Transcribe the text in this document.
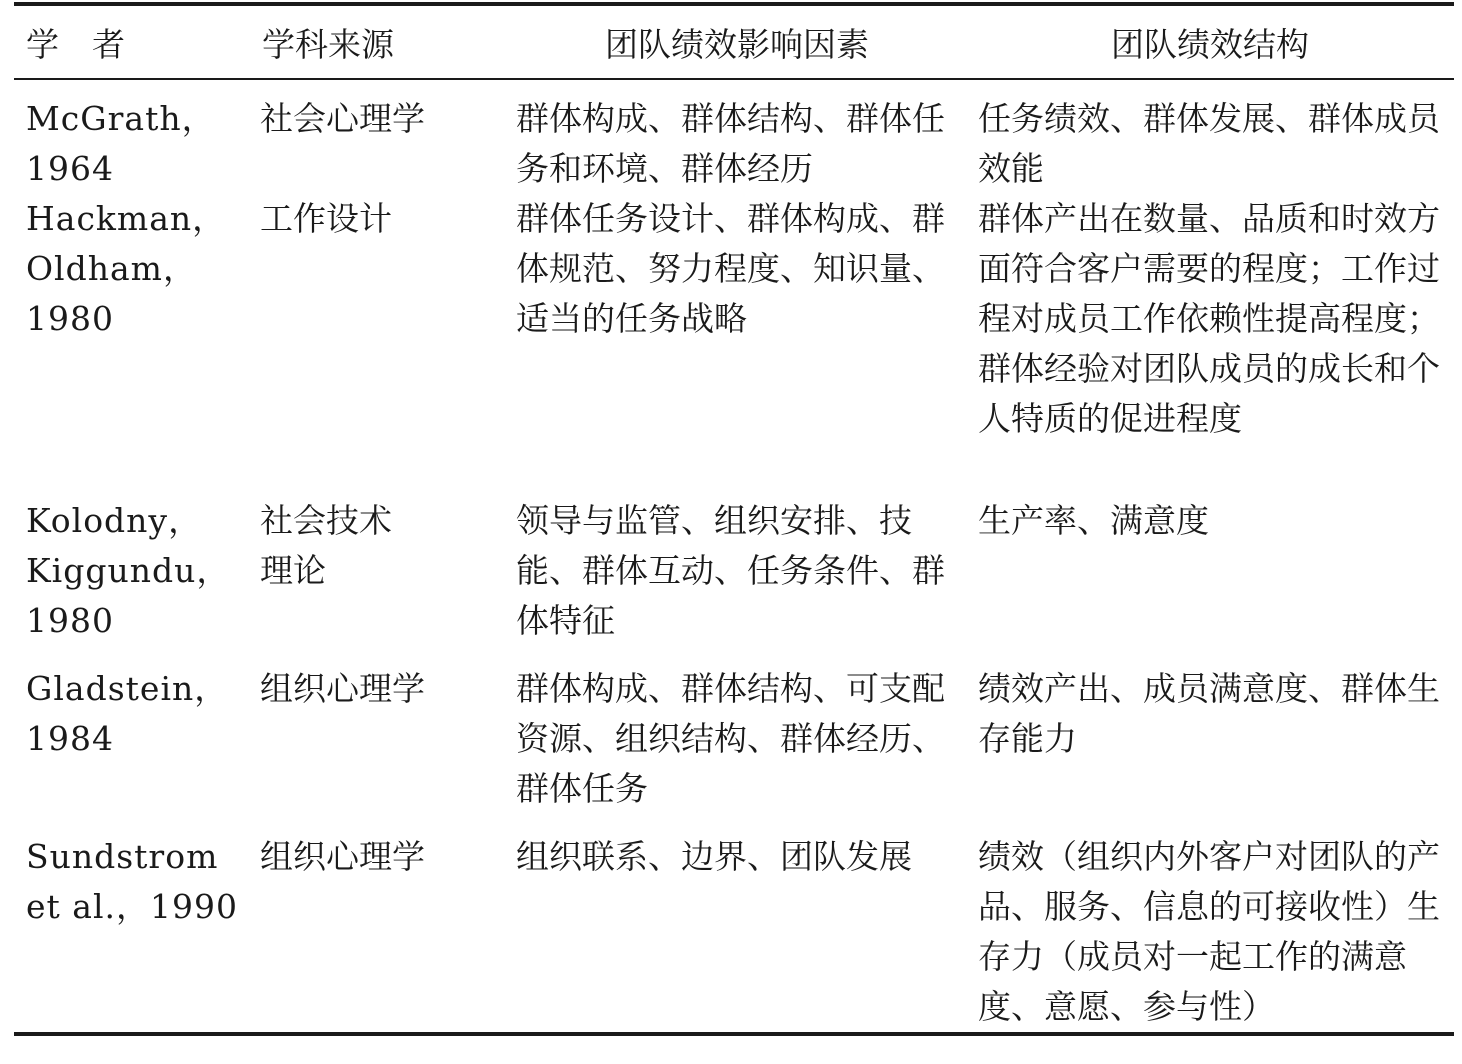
学　者	学科来源	团队绩效影响因素	团队绩效结构
McGrath，
1964	社会心理学	群体构成、群体结构、群体任务和环境、群体经历	任务绩效、群体发展、群体成员效能

Hackman，
Oldham，
1980	工作设计	群体任务设计、群体构成、群体规范、努力程度、知识量、适当的任务战略	群体产出在数量、品质和时效方面符合客户需要的程度；工作过程对成员工作依赖性提高程度；群体经验对团队成员的成长和个人特质的促进程度

Kolodny，
Kiggundu，
1980	社会技术理论	领导与监管、组织安排、技能、群体互动、任务条件、群体特征	生产率、满意度

Gladstein，
1984	组织心理学	群体构成、群体结构、可支配资源、组织结构、群体经历、群体任务	绩效产出、成员满意度、群体生存能力

Sundstrom
et al.，1990	组织心理学	组织联系、边界、团队发展	绩效（组织内外客户对团队的产品、服务、信息的可接收性）生存力（成员对一起工作的满意度、意愿、参与性）
